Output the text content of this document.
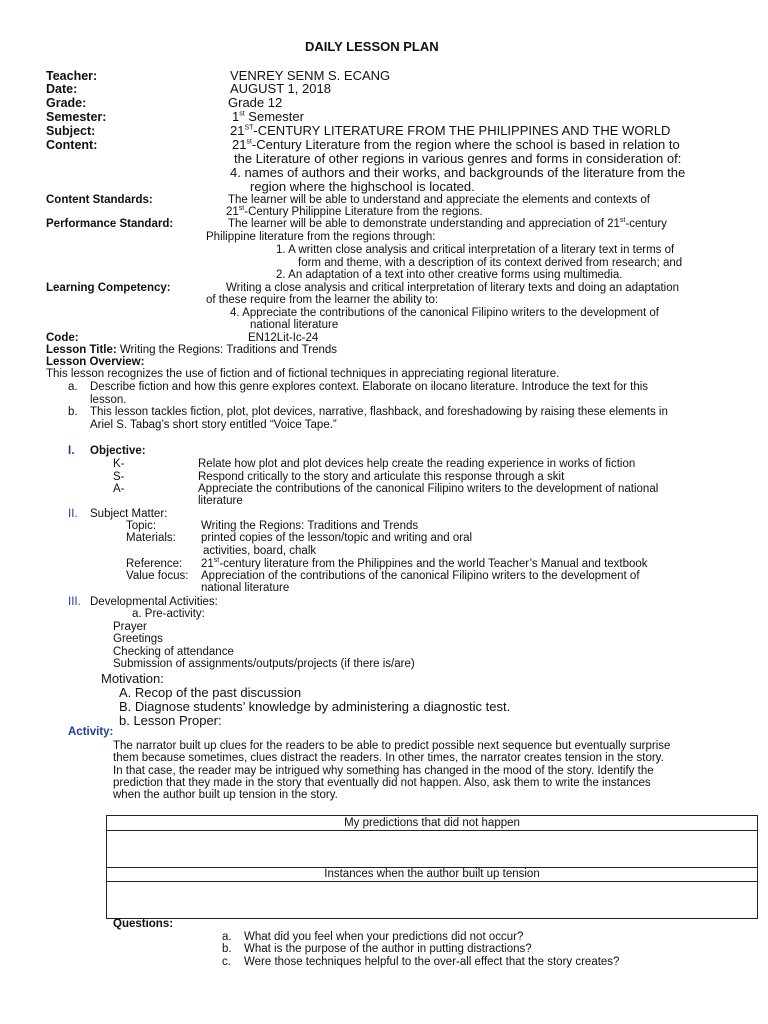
DAILY LESSON PLAN
Teacher:	VENREY SENM S. ECANG
Date:	AUGUST 1, 2018
Grade:	Grade 12
Semester:	1st Semester
Subject:	21ST-CENTURY LITERATURE FROM THE PHILIPPINES AND THE WORLD
Content:	21st-Century Literature from the region where the school is based in relation to
the Literature of other regions in various genres and forms in consideration of:
4. names of authors and their works, and backgrounds of the literature from the
region where the highschool is located.
Content Standards:	The learner will be able to understand and appreciate the elements and contexts of
21st-Century Philippine Literature from the regions.
Performance Standard:	The learner will be able to demonstrate understanding and appreciation of 21st-century
Philippine literature from the regions through:
1. A written close analysis and critical interpretation of a literary text in terms of
form and theme, with a description of its context derived from research; and
2. An adaptation of a text into other creative forms using multimedia.
Learning Competency:	Writing a close analysis and critical interpretation of literary texts and doing an adaptation
of these require from the learner the ability to:
4. Appreciate the contributions of the canonical Filipino writers to the development of
national literature
Code:	EN12Lit-Ic-24
Lesson Title: Writing the Regions: Traditions and Trends
Lesson Overview:
This lesson recognizes the use of fiction and of fictional techniques in appreciating regional literature.
a. Describe fiction and how this genre explores context. Elaborate on ilocano literature. Introduce the text for this
lesson.
b. This lesson tackles fiction, plot, plot devices, narrative, flashback, and foreshadowing by raising these elements in
Ariel S. Tabag’s short story entitled “Voice Tape.”
I. Objective:
K-	Relate how plot and plot devices help create the reading experience in works of fiction
S-	Respond critically to the story and articulate this response through a skit
A-	Appreciate the contributions of the canonical Filipino writers to the development of national
literature
II. Subject Matter:
Topic:	Writing the Regions: Traditions and Trends
Materials: printed copies of the lesson/topic and writing and oral
activities, board, chalk
Reference: 21st-century literature from the Philippines and the world Teacher’s Manual and textbook
Value focus: Appreciation of the contributions of the canonical Filipino writers to the development of
national literature
III. Developmental Activities:
a. Pre-activity:
Prayer
Greetings
Checking of attendance
Submission of assignments/outputs/projects (if there is/are)
Motivation:
A. Recop of the past discussion
B. Diagnose students’ knowledge by administering a diagnostic test.
b. Lesson Proper:
Activity:
The narrator built up clues for the readers to be able to predict possible next sequence but eventually surprise
them because sometimes, clues distract the readers. In other times, the narrator creates tension in the story.
In that case, the reader may be intrigued why something has changed in the mood of the story. Identify the
prediction that they made in the story that eventually did not happen. Also, ask them to write the instances
when the author built up tension in the story.
My predictions that did not happen
Instances when the author built up tension
Questions:
a. What did you feel when your predictions did not occur?
b. What is the purpose of the author in putting distractions?
c. Were those techniques helpful to the over-all effect that the story creates?
